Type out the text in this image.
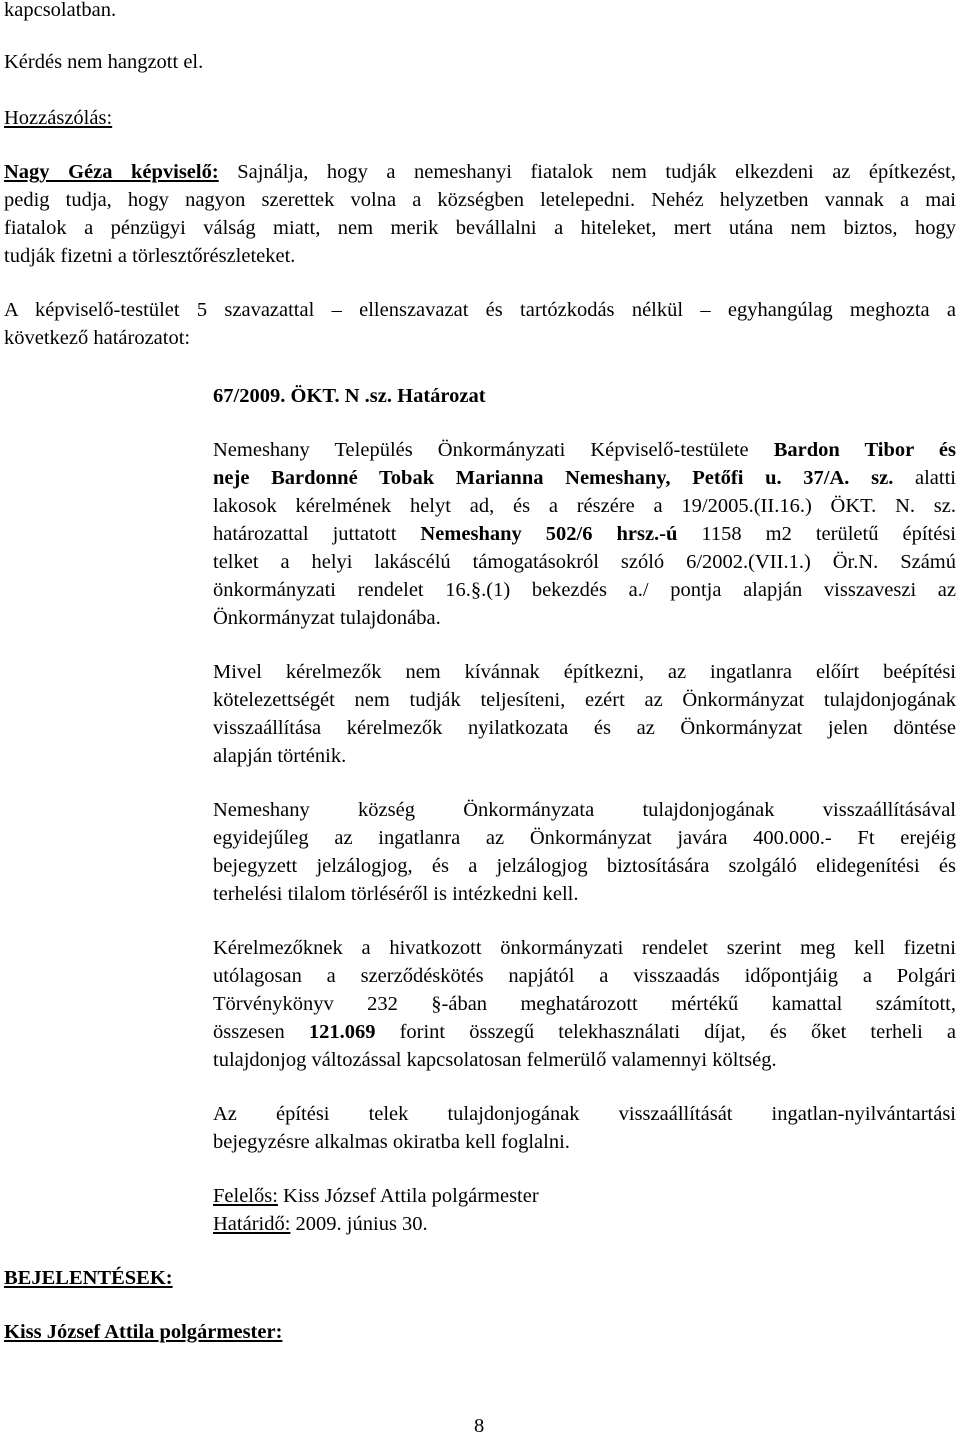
kapcsolatban.
Kérdés nem hangzott el.
Hozzászólás:
Nagy Géza képviselő: Sajnálja, hogy a nemeshanyi fiatalok nem tudják elkezdeni az építkezést,
pedig tudja, hogy nagyon szerettek volna a községben letelepedni. Nehéz helyzetben vannak a mai
fiatalok a pénzügyi válság miatt, nem merik bevállalni a hiteleket, mert utána nem biztos, hogy
tudják fizetni a törlesztőrészleteket.
A képviselő-testület 5 szavazattal – ellenszavazat és tartózkodás nélkül – egyhangúlag meghozta a
következő határozatot:
67/2009. ÖKT. N .sz. Határozat
Nemeshany Település Önkormányzati Képviselő-testülete Bardon Tibor és
neje Bardonné Tobak Marianna Nemeshany, Petőfi u. 37/A. sz. alatti
lakosok kérelmének helyt ad, és a részére a 19/2005.(II.16.) ÖKT. N. sz.
határozattal juttatott Nemeshany 502/6 hrsz.-ú 1158 m2 területű építési
telket a helyi lakáscélú támogatásokról szóló 6/2002.(VII.1.) Ör.N. Számú
önkormányzati rendelet 16.§.(1) bekezdés a./ pontja alapján visszaveszi az
Önkormányzat tulajdonába.
Mivel kérelmezők nem kívánnak építkezni, az ingatlanra előírt beépítési
kötelezettségét nem tudják teljesíteni, ezért az Önkormányzat tulajdonjogának
visszaállítása kérelmezők nyilatkozata és az Önkormányzat jelen döntése
alapján történik.
Nemeshany község Önkormányzata tulajdonjogának visszaállításával
egyidejűleg az ingatlanra az Önkormányzat javára 400.000.- Ft erejéig
bejegyzett jelzálogjog, és a jelzálogjog biztosítására szolgáló elidegenítési és
terhelési tilalom törléséről is intézkedni kell.
Kérelmezőknek a hivatkozott önkormányzati rendelet szerint meg kell fizetni
utólagosan a szerződéskötés napjától a visszaadás időpontjáig a Polgári
Törvénykönyv 232 §-ában meghatározott mértékű kamattal számított,
összesen 121.069 forint összegű telekhasználati díjat, és őket terheli a
tulajdonjog változással kapcsolatosan felmerülő valamennyi költség.
Az építési telek tulajdonjogának visszaállítását ingatlan-nyilvántartási
bejegyzésre alkalmas okiratba kell foglalni.
Felelős: Kiss József Attila polgármester
Határidő: 2009. június 30.
BEJELENTÉSEK:
Kiss József Attila polgármester:
8
